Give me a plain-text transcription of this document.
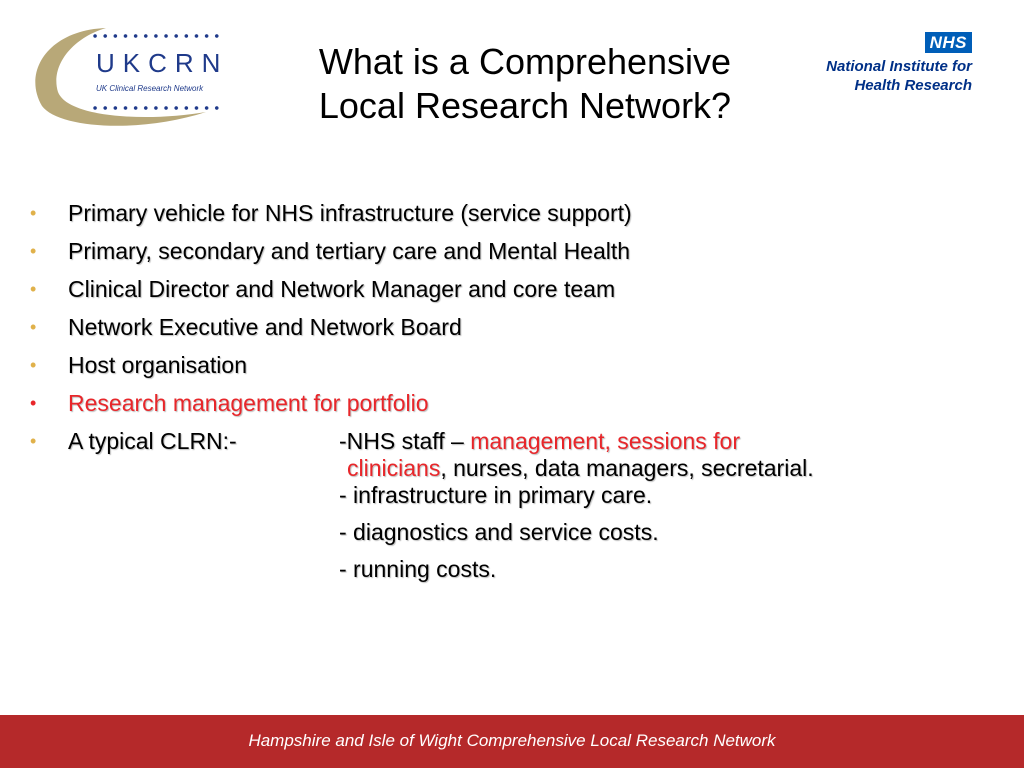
UKCRN
UK Clinical Research Network
What is a Comprehensive
Local Research Network?
NHS
National Institute for
Health Research
• Primary vehicle for NHS infrastructure (service support)
• Primary, secondary and tertiary care and Mental Health
• Clinical Director and Network Manager and core team
• Network Executive and Network Board
• Host organisation
• Research management for portfolio
• A typical CLRN:-	-NHS staff – management, sessions for
clinicians, nurses, data managers, secretarial.
- infrastructure in primary care.
- diagnostics and service costs.
- running costs.
Hampshire and Isle of Wight Comprehensive Local Research Network
